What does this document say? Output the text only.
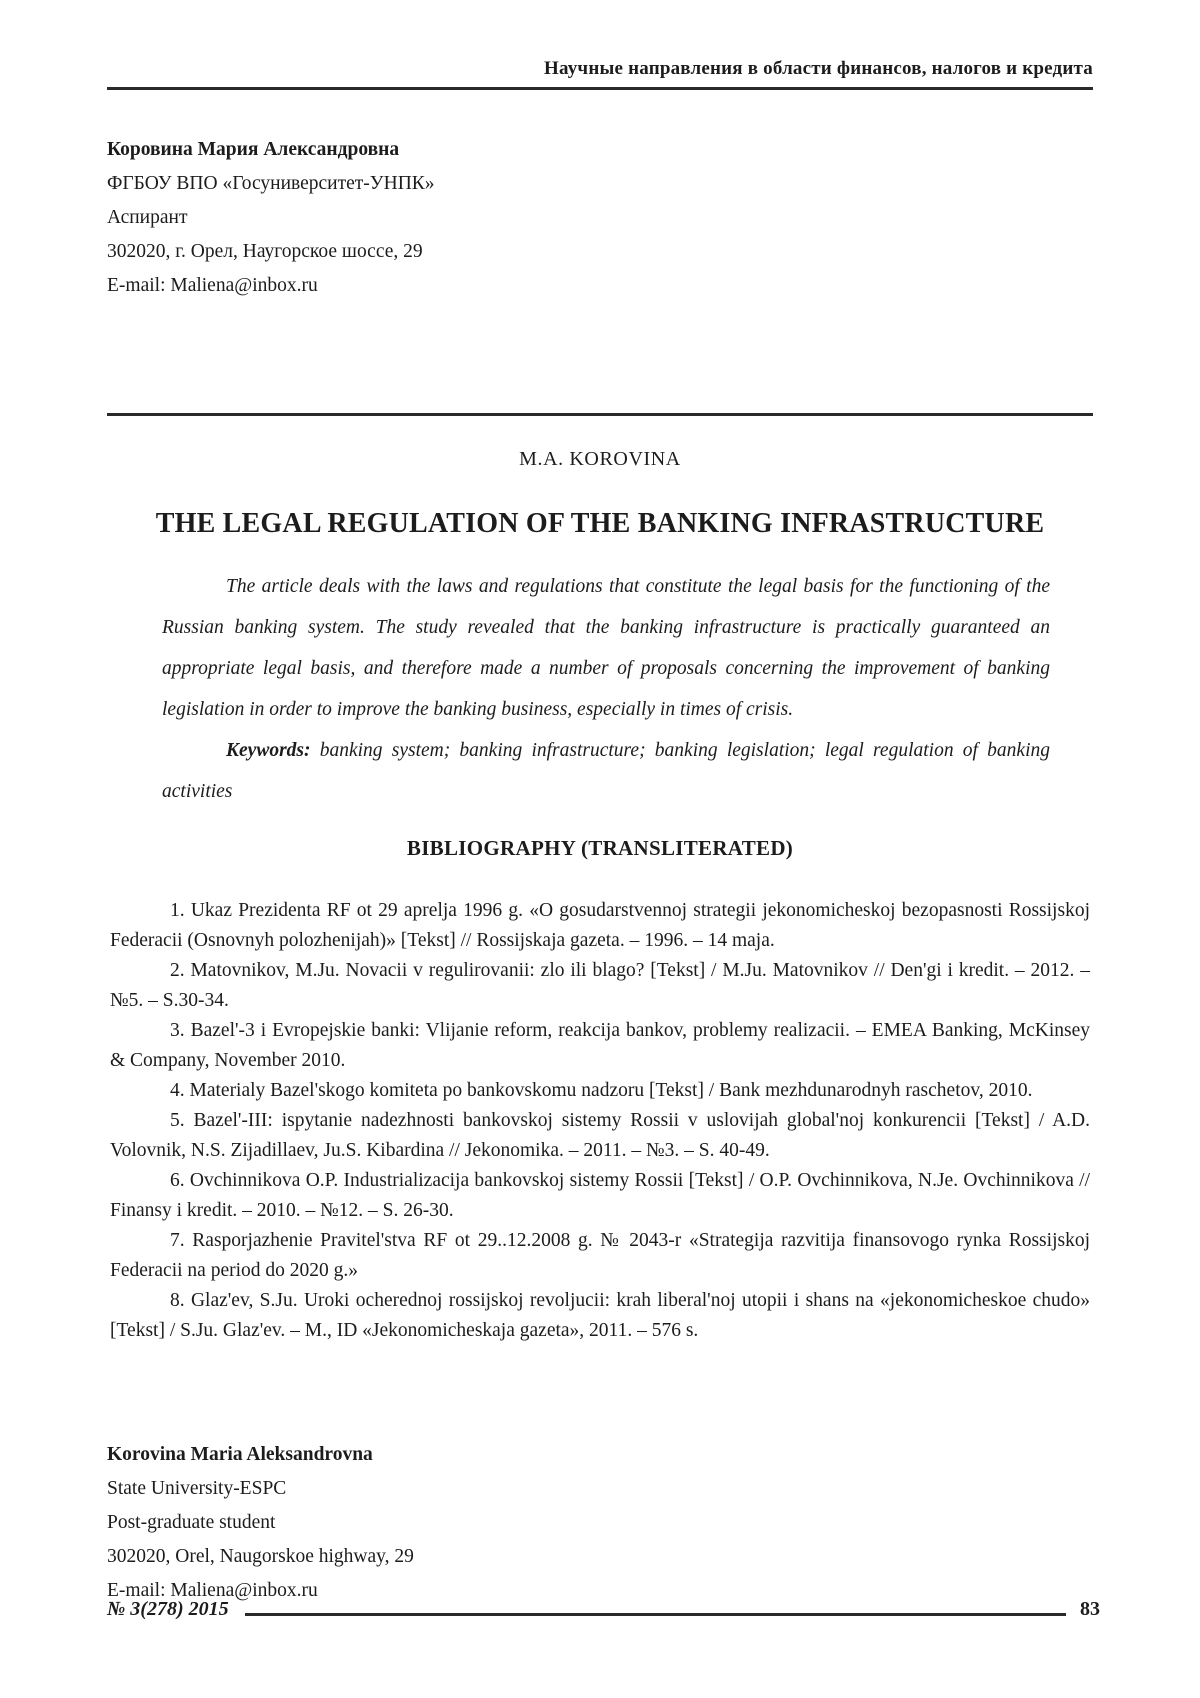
Научные направления в области финансов, налогов и кредита
Коровина Мария Александровна
ФГБОУ ВПО «Госуниверситет-УНПК»
Аспирант
302020, г. Орел, Наугорское шоссе, 29
E-mail: Maliena@inbox.ru
M.A. KOROVINA
THE LEGAL REGULATION OF THE BANKING INFRASTRUCTURE

The article deals with the laws and regulations that constitute the legal basis for the functioning of the Russian banking system. The study revealed that the banking infrastructure is practically guaranteed an appropriate legal basis, and therefore made a number of proposals concerning the improvement of banking legislation in order to improve the banking business, especially in times of crisis.

Keywords: banking system; banking infrastructure; banking legislation; legal regulation of banking activities

BIBLIOGRAPHY (TRANSLITERATED)

1. Ukaz Prezidenta RF ot 29 aprelja 1996 g. «O gosudarstvennoj strategii jekonomicheskoj bezopasnosti Rossijskoj Federacii (Osnovnyh polozhenijah)» [Tekst] // Rossijskaja gazeta. – 1996. – 14 maja.

2. Matovnikov, M.Ju. Novacii v regulirovanii: zlo ili blago? [Tekst] / M.Ju. Matovnikov // Den'gi i kredit. – 2012. – №5. – S.30-34.

3. Bazel'-3 i Evropejskie banki: Vlijanie reform, reakcija bankov, problemy realizacii. – EMEA Banking, McKinsey & Company, November 2010.

4. Materialy Bazel'skogo komiteta po bankovskomu nadzoru [Tekst] / Bank mezhdunarodnyh raschetov, 2010.

5. Bazel'-III: ispytanie nadezhnosti bankovskoj sistemy Rossii v uslovijah global'noj konkurencii [Tekst] / A.D. Volovnik, N.S. Zijadillaev, Ju.S. Kibardina // Jekonomika. – 2011. – №3. – S. 40-49.

6. Ovchinnikova O.P. Industrializacija bankovskoj sistemy Rossii [Tekst] / O.P. Ovchinnikova, N.Je. Ovchinnikova // Finansy i kredit. – 2010. – №12. – S. 26-30.

7. Rasporjazhenie Pravitel'stva RF ot 29..12.2008 g. № 2043-r «Strategija razvitija finansovogo rynka Rossijskoj Federacii na period do 2020 g.»

8. Glaz'ev, S.Ju. Uroki ocherednoj rossijskoj revoljucii: krah liberal'noj utopii i shans na «jekonomicheskoe chudo» [Tekst] / S.Ju. Glaz'ev. – M., ID «Jekonomicheskaja gazeta», 2011. – 576 s.

Korovina Maria Aleksandrovna
State University-ESPC
Post-graduate student
302020, Orel, Naugorskoe highway, 29
E-mail: Maliena@inbox.ru
№ 3(278) 2015	83
